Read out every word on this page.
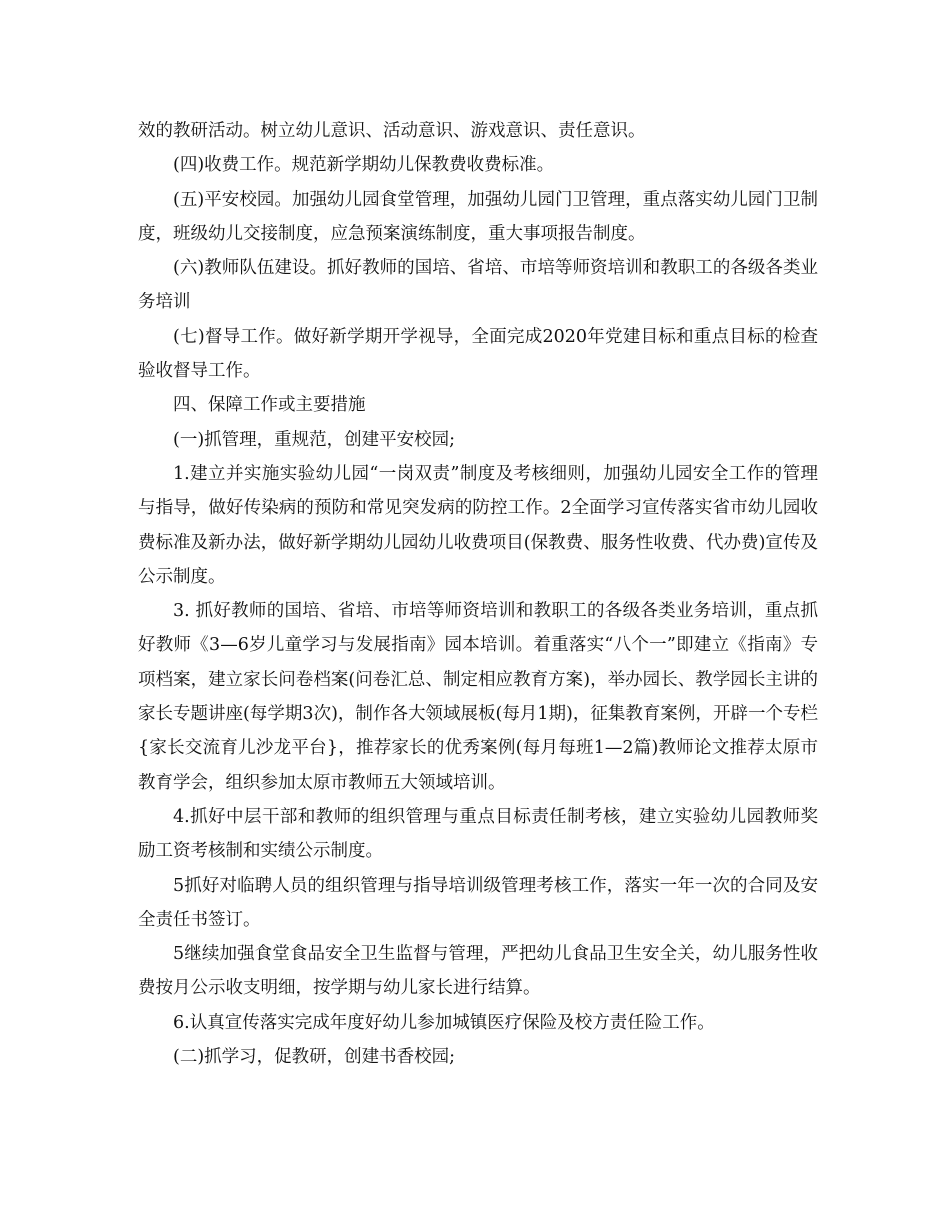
效的教研活动。树立幼儿意识、活动意识、游戏意识、责任意识。

(四)收费工作。规范新学期幼儿保教费收费标准。

(五)平安校园。加强幼儿园食堂管理，加强幼儿园门卫管理，重点落实幼儿园门卫制度，班级幼儿交接制度，应急预案演练制度，重大事项报告制度。

(六)教师队伍建设。抓好教师的国培、省培、市培等师资培训和教职工的各级各类业务培训

(七)督导工作。做好新学期开学视导，全面完成2020年党建目标和重点目标的检查验收督导工作。

四、保障工作或主要措施

(一)抓管理，重规范，创建平安校园;

1.建立并实施实验幼儿园“一岗双责”制度及考核细则，加强幼儿园安全工作的管理与指导，做好传染病的预防和常见突发病的防控工作。2全面学习宣传落实省市幼儿园收费标准及新办法，做好新学期幼儿园幼儿收费项目(保教费、服务性收费、代办费)宣传及公示制度。

3. 抓好教师的国培、省培、市培等师资培训和教职工的各级各类业务培训，重点抓好教师《3—6岁儿童学习与发展指南》园本培训。着重落实“八个一”即建立《指南》专项档案，建立家长问卷档案(问卷汇总、制定相应教育方案)，举办园长、教学园长主讲的家长专题讲座(每学期3次)，制作各大领域展板(每月1期)，征集教育案例，开辟一个专栏{家长交流育儿沙龙平台}，推荐家长的优秀案例(每月每班1—2篇)教师论文推荐太原市教育学会，组织参加太原市教师五大领域培训。

4.抓好中层干部和教师的组织管理与重点目标责任制考核，建立实验幼儿园教师奖励工资考核制和实绩公示制度。

5抓好对临聘人员的组织管理与指导培训级管理考核工作，落实一年一次的合同及安全责任书签订。

5继续加强食堂食品安全卫生监督与管理，严把幼儿食品卫生安全关，幼儿服务性收费按月公示收支明细，按学期与幼儿家长进行结算。

6.认真宣传落实完成年度好幼儿参加城镇医疗保险及校方责任险工作。

(二)抓学习，促教研，创建书香校园;
